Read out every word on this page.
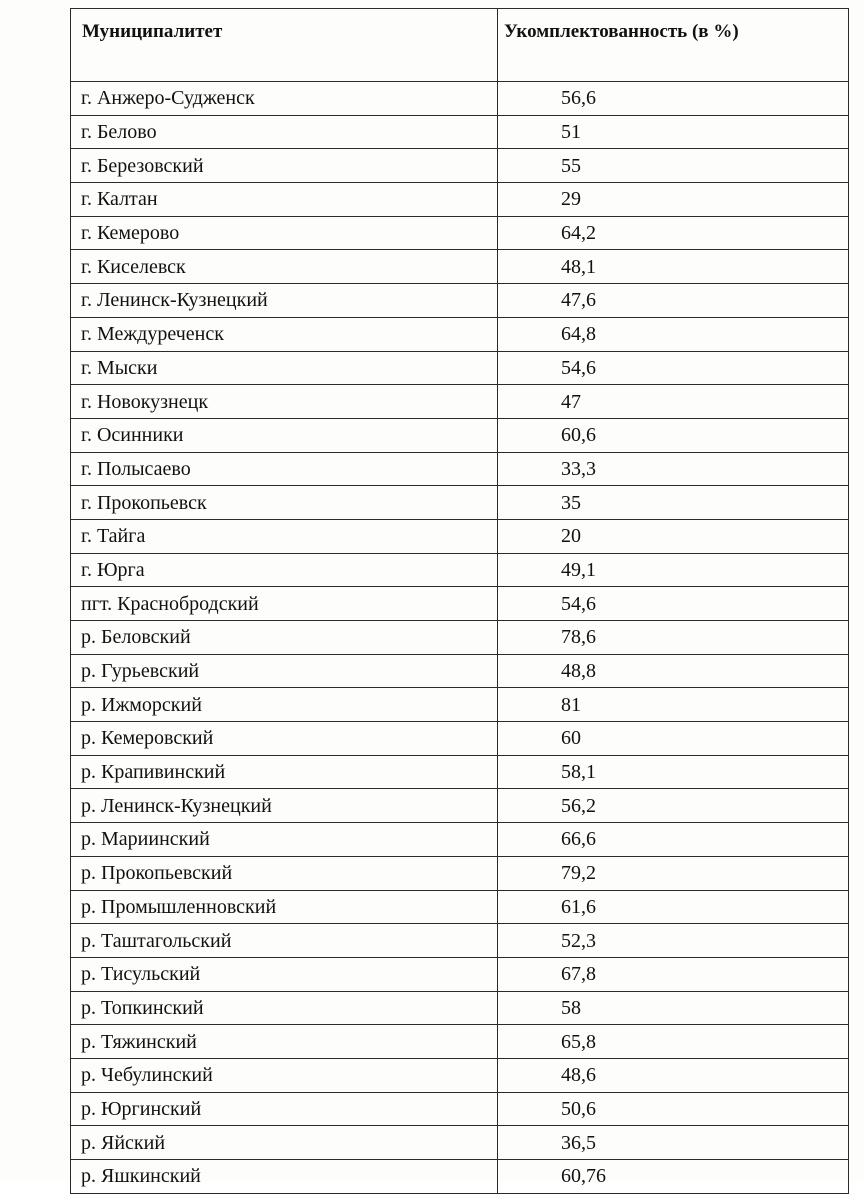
Муниципалитет	Укомплектованность (в %)
г. Анжеро-Судженск	56,6
г. Белово	51
г. Березовский	55
г. Калтан	29
г. Кемерово	64,2
г. Киселевск	48,1
г. Ленинск-Кузнецкий	47,6
г. Междуреченск	64,8
г. Мыски	54,6
г. Новокузнецк	47
г. Осинники	60,6
г. Полысаево	33,3
г. Прокопьевск	35
г. Тайга	20
г. Юрга	49,1
пгт. Краснобродский	54,6
р. Беловский	78,6
р. Гурьевский	48,8
р. Ижморский	81
р. Кемеровский	60
р. Крапивинский	58,1
р. Ленинск-Кузнецкий	56,2
р. Мариинский	66,6
р. Прокопьевский	79,2
р. Промышленновский	61,6
р. Таштагольский	52,3
р. Тисульский	67,8
р. Топкинский	58
р. Тяжинский	65,8
р. Чебулинский	48,6
р. Юргинский	50,6
р. Яйский	36,5
р. Яшкинский	60,76
